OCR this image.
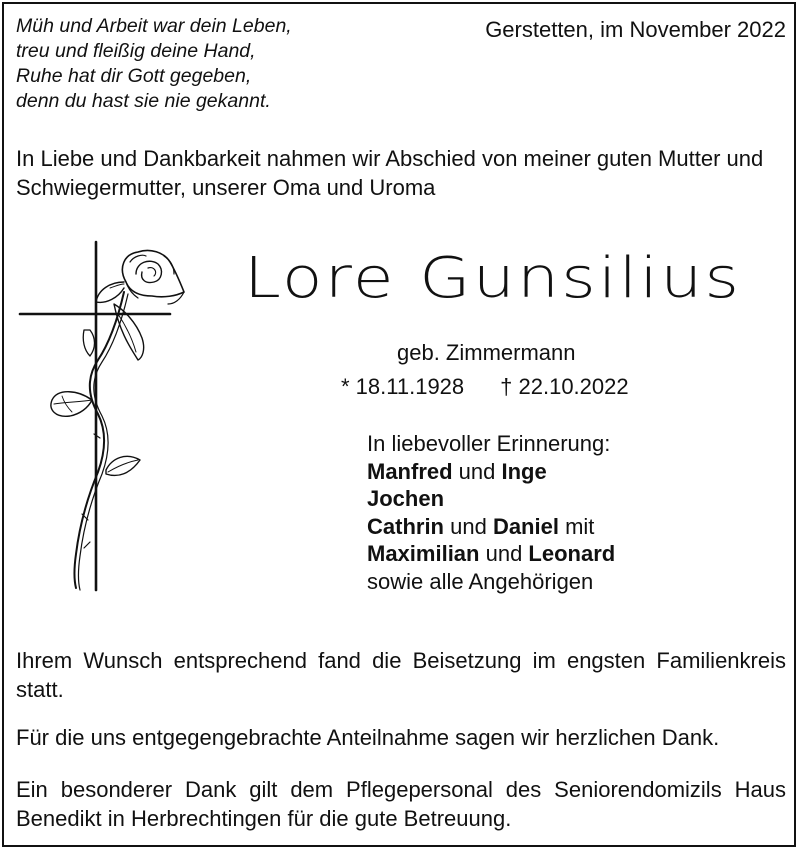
Müh und Arbeit war dein Leben,
treu und fleißig deine Hand,
Ruhe hat dir Gott gegeben,
denn du hast sie nie gekannt.
Gerstetten, im November 2022
In Liebe und Dankbarkeit nahmen wir Abschied von meiner guten Mutter und Schwiegermutter, unserer Oma und Uroma
Lore Gunsilius
geb. Zimmermann
* 18.11.1928 † 22.10.2022
In liebevoller Erinnerung:
Manfred und Inge
Jochen
Cathrin und Daniel mit
Maximilian und Leonard
sowie alle Angehörigen
Ihrem Wunsch entsprechend fand die Beisetzung im engsten Familienkreis statt.
Für die uns entgegengebrachte Anteilnahme sagen wir herzlichen Dank.
Ein besonderer Dank gilt dem Pflegepersonal des Seniorendomizils Haus Benedikt in Herbrechtingen für die gute Betreuung.
